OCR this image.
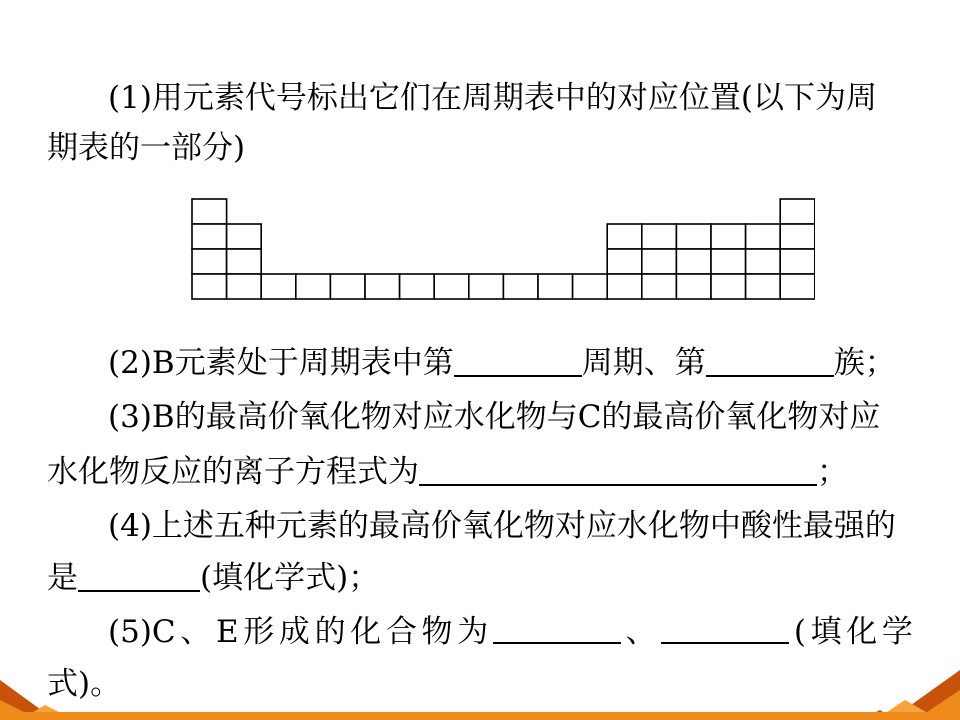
(1)用元素代号标出它们在周期表中的对应位置(以下为周
期表的一部分)
(2)B元素处于周期表中第	周期、第	族；
(3)B的最高价氧化物对应水化物与C的最高价氧化物对应
水化物反应的离子方程式为	；
(4)上述五种元素的最高价氧化物对应水化物中酸性最强的
是	(填化学式)；
(5)C 、 E 形 成 的 化 合 物 为	、	( 填 化 学
式)。
